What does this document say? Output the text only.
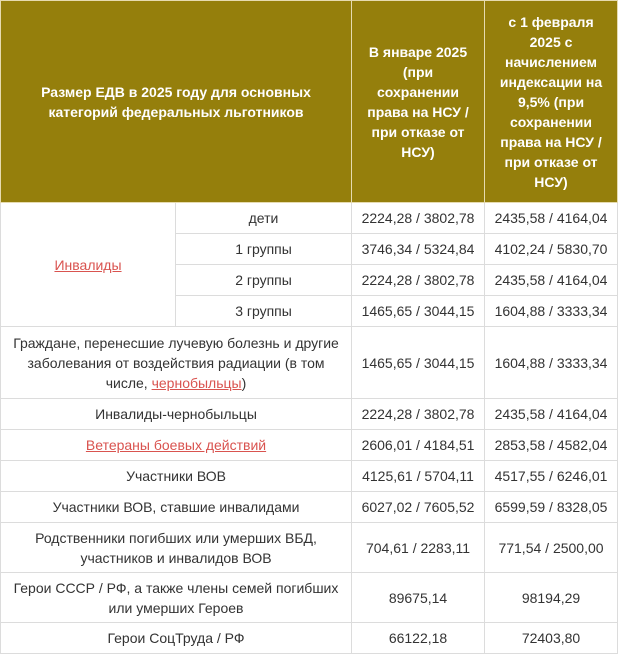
Размер ЕДВ в 2025 году для основных категорий федеральных льготников		В январе 2025 (при сохранении права на НСУ / при отказе от НСУ)	с 1 февраля 2025 с начислением индексации на 9,5% (при сохранении права на НСУ / при отказе от НСУ)
Инвалиды	дети	2224,28 / 3802,78	2435,58 / 4164,04
	1 группы	3746,34 / 5324,84	4102,24 / 5830,70
	2 группы	2224,28 / 3802,78	2435,58 / 4164,04
	3 группы	1465,65 / 3044,15	1604,88 / 3333,34
Граждане, перенесшие лучевую болезнь и другие заболевания от воздействия радиации (в том числе, чернобыльцы)		1465,65 / 3044,15	1604,88 / 3333,34
Инвалиды-чернобыльцы		2224,28 / 3802,78	2435,58 / 4164,04
Ветераны боевых действий		2606,01 / 4184,51	2853,58 / 4582,04
Участники ВОВ		4125,61 / 5704,11	4517,55 / 6246,01
Участники ВОВ, ставшие инвалидами		6027,02 / 7605,52	6599,59 / 8328,05
Родственники погибших или умерших ВБД, участников и инвалидов ВОВ		704,61 / 2283,11	771,54 / 2500,00
Герои СССР / РФ, а также члены семей погибших или умерших Героев		89675,14	98194,29
Герои СоцТруда / РФ		66122,18	72403,80
